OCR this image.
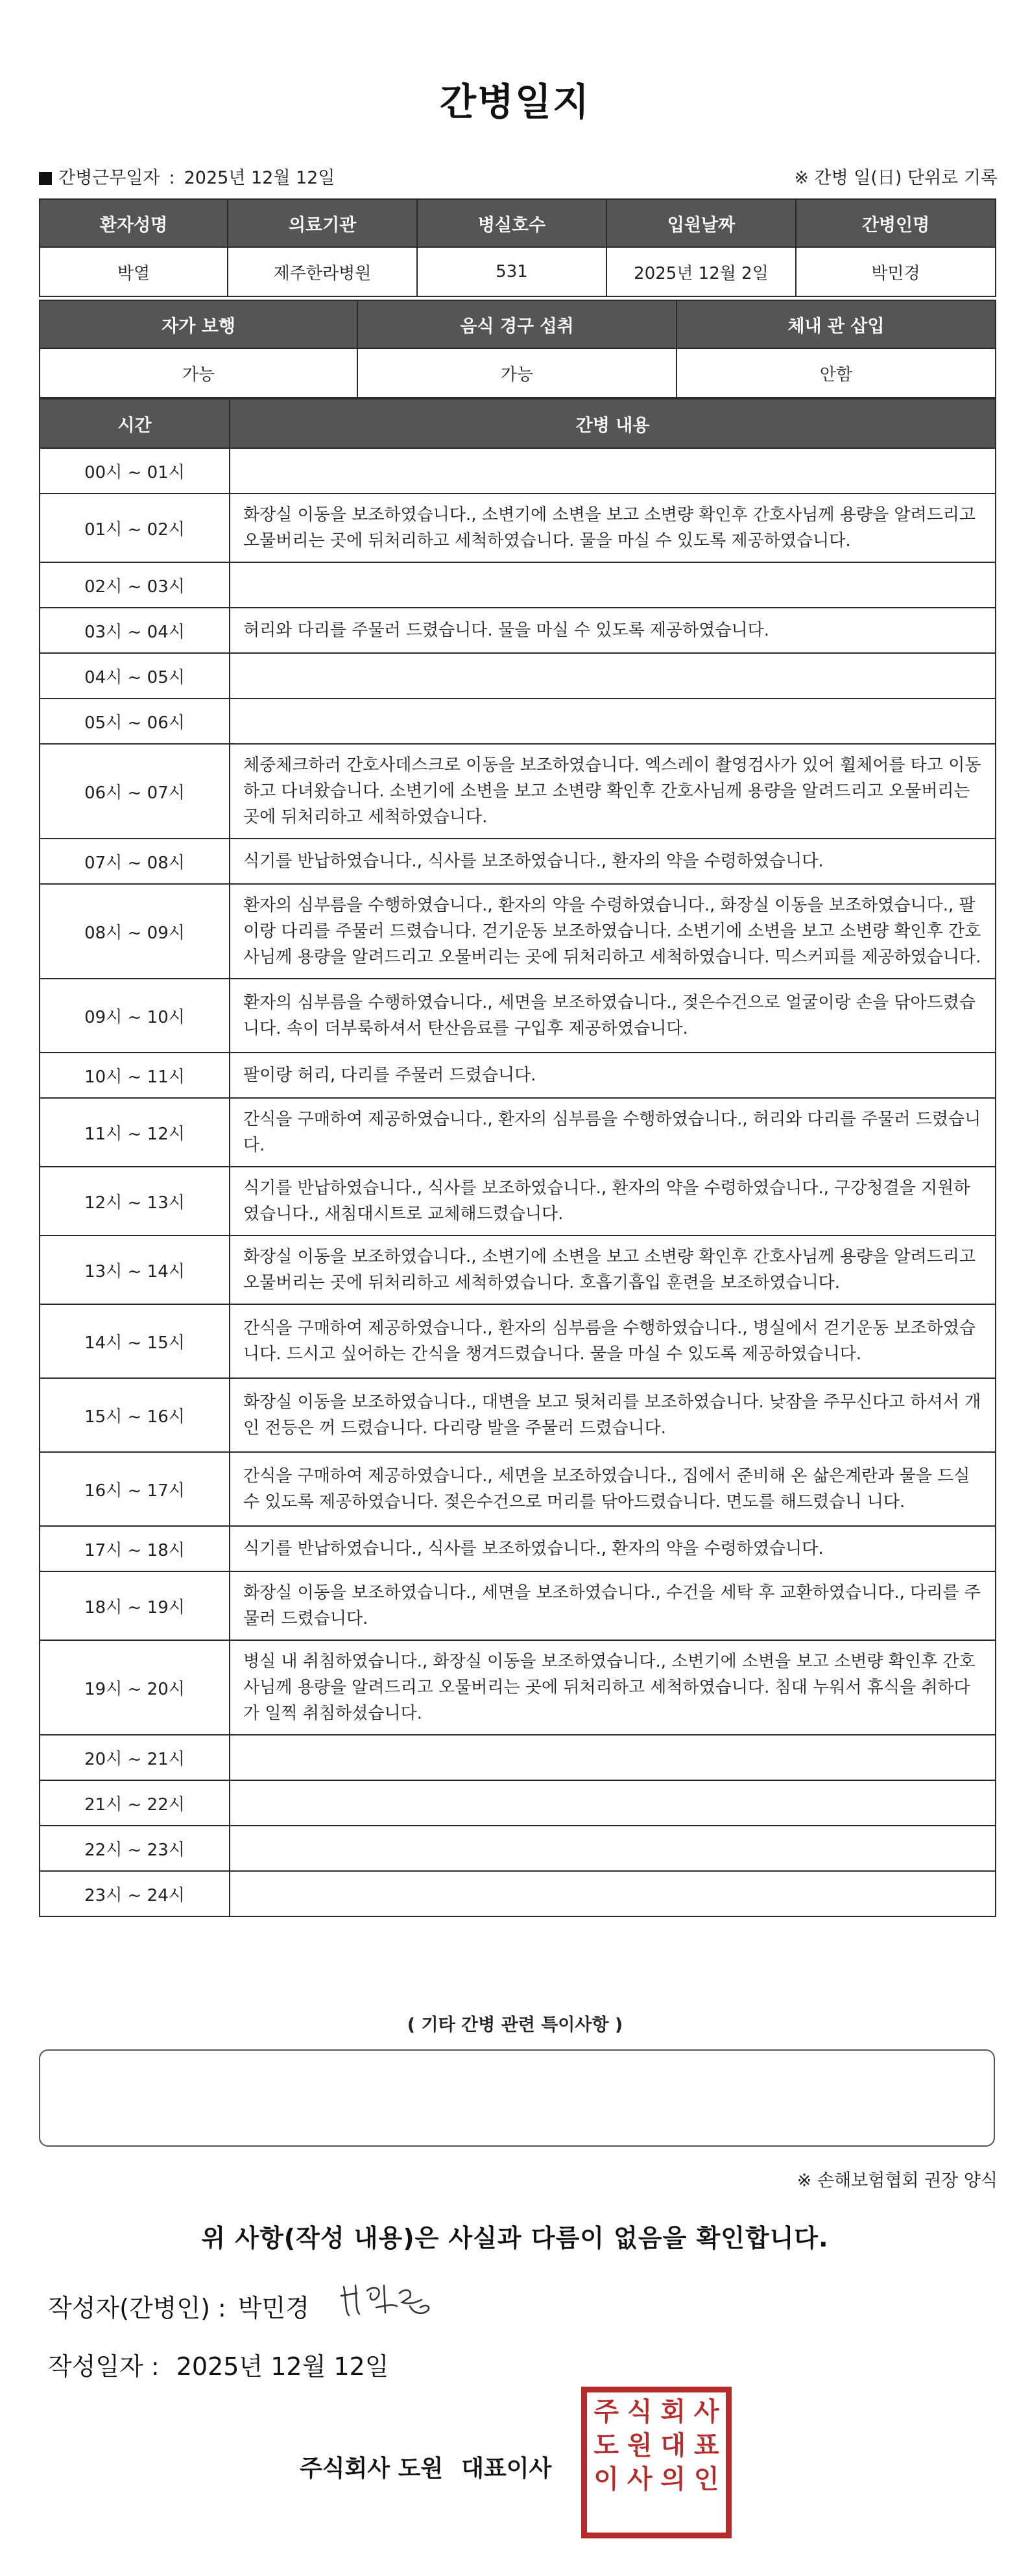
간병일지
간병근무일자 : 2025년 12월 12일	※ 간병 일(日) 단위로 기록
환자성명	의료기관	병실호수	입원날짜	간병인명
박열	제주한라병원	531	2025년 12월 2일	박민경
자가 보행	음식 경구 섭취	체내 관 삽입
가능	가능	안함
시간	간병 내용
00시 ~ 01시	
01시 ~ 02시	화장실 이동을 보조하였습니다., 소변기에 소변을 보고 소변량 확인후 간호사님께 용량을 알려드리고 오물버리는 곳에 뒤처리하고 세척하였습니다. 물을 마실 수 있도록 제공하였습니다.
02시 ~ 03시	
03시 ~ 04시	허리와 다리를 주물러 드렸습니다. 물을 마실 수 있도록 제공하였습니다.
04시 ~ 05시	
05시 ~ 06시	
06시 ~ 07시	체중체크하러 간호사데스크로 이동을 보조하였습니다. 엑스레이 촬영검사가 있어 휠체어를 타고 이동하고 다녀왔습니다. 소변기에 소변을 보고 소변량 확인후 간호사님께 용량을 알려드리고 오물버리는 곳에 뒤처리하고 세척하였습니다.
07시 ~ 08시	식기를 반납하였습니다., 식사를 보조하였습니다., 환자의 약을 수령하였습니다.
08시 ~ 09시	환자의 심부름을 수행하였습니다., 환자의 약을 수령하였습니다., 화장실 이동을 보조하였습니다., 팔이랑 다리를 주물러 드렸습니다. 걷기운동 보조하였습니다. 소변기에 소변을 보고 소변량 확인후 간호사님께 용량을 알려드리고 오물버리는 곳에 뒤처리하고 세척하였습니다. 믹스커피를 제공하였습니다.
09시 ~ 10시	환자의 심부름을 수행하였습니다., 세면을 보조하였습니다., 젖은수건으로 얼굴이랑 손을 닦아드렸습니다. 속이 더부룩하셔서 탄산음료를 구입후 제공하였습니다.
10시 ~ 11시	팔이랑 허리, 다리를 주물러 드렸습니다.
11시 ~ 12시	간식을 구매하여 제공하였습니다., 환자의 심부름을 수행하였습니다., 허리와 다리를 주물러 드렸습니다.
12시 ~ 13시	식기를 반납하였습니다., 식사를 보조하였습니다., 환자의 약을 수령하였습니다., 구강청결을 지원하였습니다., 새침대시트로 교체해드렸습니다.
13시 ~ 14시	화장실 이동을 보조하였습니다., 소변기에 소변을 보고 소변량 확인후 간호사님께 용량을 알려드리고 오물버리는 곳에 뒤처리하고 세척하였습니다. 호흡기흡입 훈련을 보조하였습니다.
14시 ~ 15시	간식을 구매하여 제공하였습니다., 환자의 심부름을 수행하였습니다., 병실에서 걷기운동 보조하였습니다. 드시고 싶어하는 간식을 챙겨드렸습니다. 물을 마실 수 있도록 제공하였습니다.
15시 ~ 16시	화장실 이동을 보조하였습니다., 대변을 보고 뒷처리를 보조하였습니다. 낮잠을 주무신다고 하셔서 개인 전등은 꺼 드렸습니다. 다리랑 발을 주물러 드렸습니다.
16시 ~ 17시	간식을 구매하여 제공하였습니다., 세면을 보조하였습니다., 집에서 준비해 온 삶은계란과 물을 드실 수 있도록 제공하였습니다. 젖은수건으로 머리를 닦아드렸습니다. 면도를 해드렸습니 니다.
17시 ~ 18시	식기를 반납하였습니다., 식사를 보조하였습니다., 환자의 약을 수령하였습니다.
18시 ~ 19시	화장실 이동을 보조하였습니다., 세면을 보조하였습니다., 수건을 세탁 후 교환하였습니다., 다리를 주물러 드렸습니다.
19시 ~ 20시	병실 내 취침하였습니다., 화장실 이동을 보조하였습니다., 소변기에 소변을 보고 소변량 확인후 간호사님께 용량을 알려드리고 오물버리는 곳에 뒤처리하고 세척하였습니다. 침대 누워서 휴식을 취하다가 일찍 취침하셨습니다.
20시 ~ 21시	
21시 ~ 22시	
22시 ~ 23시	
23시 ~ 24시	
( 기타 간병 관련 특이사항 )
※ 손해보험협회 권장 양식
위 사항(작성 내용)은 사실과 다름이 없음을 확인합니다.
작성자(간병인) : 박민경
작성일자 : 2025년 12월 12일
주식회사 도원 대표이사
주 식 회 사
도 원 대 표
이 사 의 인
